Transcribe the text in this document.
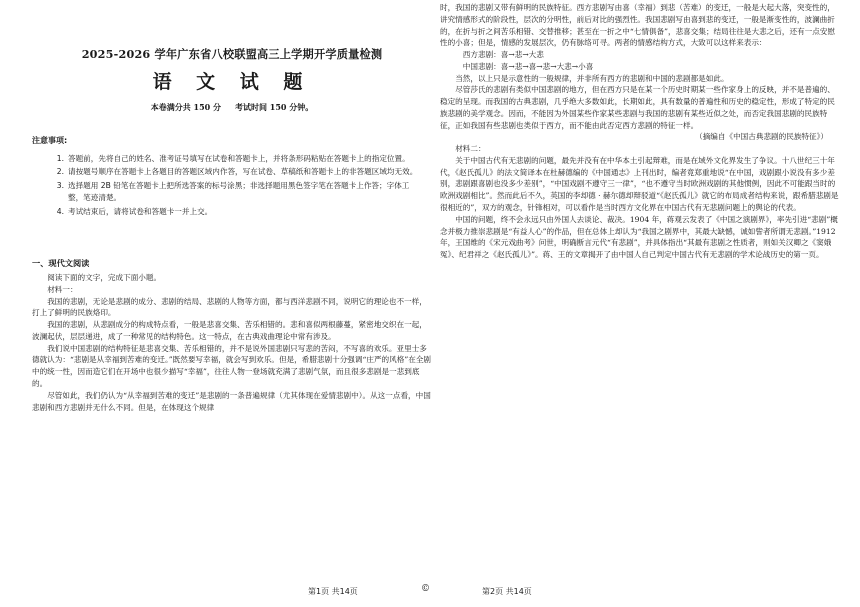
2025-2026 学年广东省八校联盟高三上学期开学质量检测
语 文 试 题
本卷满分共 150 分 考试时间 150 分钟。
注意事项:
1. 答题前，先将自己的姓名、准考证号填写在试卷和答题卡上，并将条形码粘贴在答题卡上的指定位置。
2. 请按题号顺序在答题卡上各题目的答题区域内作答，写在试卷、草稿纸和答题卡上的非答题区域均无效。
3. 选择题用 2B 铅笔在答题卡上把所选答案的标号涂黑；非选择题用黑色签字笔在答题卡上作答；字体工整，笔迹清楚。
4. 考试结束后，请将试卷和答题卡一并上交。
一、现代文阅读

阅读下面的文字，完成下面小题。

材料一：

我国的悲剧，无论是悲剧的成分、悲剧的结局、悲剧的人物等方面，都与西洋悲剧不同，说明它的理论也不一样，打上了鲜明的民族烙印。

我国的悲剧，从悲剧成分的构成特点看，一般是悲喜交集、苦乐相错的。悲和喜似两根藤蔓，紧密地交织在一起，波澜起伏，层层递进，成了一种常见的结构特色。这一特点，在古典戏曲理论中常有涉及。

我们说中国悲剧的结构特征是悲喜交集、苦乐相错的，并不是说外国悲剧只写悲的苦闷，不写喜的欢乐。亚里士多德就认为：“悲剧是从幸福到苦难的变迁。”既然要写幸福，就会写到欢乐。但是，希腊悲剧十分强调“庄严的风格”在全剧中的统一性，因而造它们在开场中也很少描写“幸福”，往往人物一登场就充满了悲剧气氛，而且很多悲剧是一悲到底的。

尽管如此，我们仍认为“从幸福到苦难的变迁”是悲剧的一条普遍规律（尤其体现在爱情悲剧中）。从这一点看，中国悲剧和西方悲剧并无什么不同。但是，在体现这个规律

时，我国的悲剧又带有鲜明的民族特征。西方悲剧写由喜（幸福）到悲（苦难）的变迁，一般是大起大落，突变性的，讲究情感形式的阶段性，层次的分明性，前后对比的强烈性。我国悲剧写由喜到悲的变迁，一般是渐变性的，波澜曲折的，在折与折之间苦乐相错、交替推移；甚至在一折之中“七情俱备”，悲喜交集；结局往往是大悲之后，还有一点安慰性的小喜；但是，情感的发展层次，仍有脉络可寻。两者的情感结构方式，大致可以这样来表示：

西方悲剧：喜→悲→大悲

中国悲剧：喜→悲→喜→悲→大悲→小喜

当然，以上只是示意性的一般规律，并非所有西方的悲剧和中国的悲剧都是如此。

尽管莎氏的悲剧有类似中国悲剧的地方，但在西方只是在某一个历史时期某一些作家身上的反映，并不是普遍的、稳定的呈现。而我国的古典悲剧，几乎绝大多数如此，长期如此，具有数量的普遍性和历史的稳定性，形成了特定的民族悲剧的美学观念。因而，不能因为外国某些作家某些悲剧与我国的悲剧有某些近似之处，而否定我国悲剧的民族特征，正如我国有些悲剧也类似于西方，而不能由此否定西方悲剧的特征一样。

（摘编自《中国古典悲剧的民族特征》）

材料二：

关于中国古代有无悲剧的问题，最先并没有在中华本土引起辩难，而是在域外文化界发生了争议。十八世纪三十年代，《赵氏孤儿》的法文简译本在杜赫德编的《中国通志》上刊出时，编者竟郑重地说“在中国，戏剧跟小说没有多少差别，悲剧跟喜剧也没多少差别”，“中国戏剧不遵守三一律”，“也不遵守当时欧洲戏剧的其他惯例，因此不可能跟当时的欧洲戏剧相比”。然而此后不久，英国的李却德 · 赫尔德却辩驳道“《赵氏孤儿》就它的布局成者结构来说，跟希腊悲剧是很相近的”，双方的观念，针锋相对，可以看作是当时西方文化界在中国古代有无悲剧问题上的舆论的代表。

中国的问题，终不会永远只由外国人去谈论、裁决。1904 年，蒋观云发表了《中国之演剧界》，率先引进“悲剧”概念并极力推崇悲剧是“有益人心”的作品，但在总体上却认为“我国之剧界中，其最大缺憾，诚如訾者所谓无悲剧。”1912 年，王国维的《宋元戏曲考》问世，明确断言元代“有悲剧”，并具体指出“其最有悲剧之性质者，则如关汉卿之《窦娥冤》、纪君祥之《赵氏孤儿》”。蒋、王的文章揭开了由中国人自己判定中国古代有无悲剧的学术论战历史的第一页。

第1页 共14页	©	第2页 共14页
